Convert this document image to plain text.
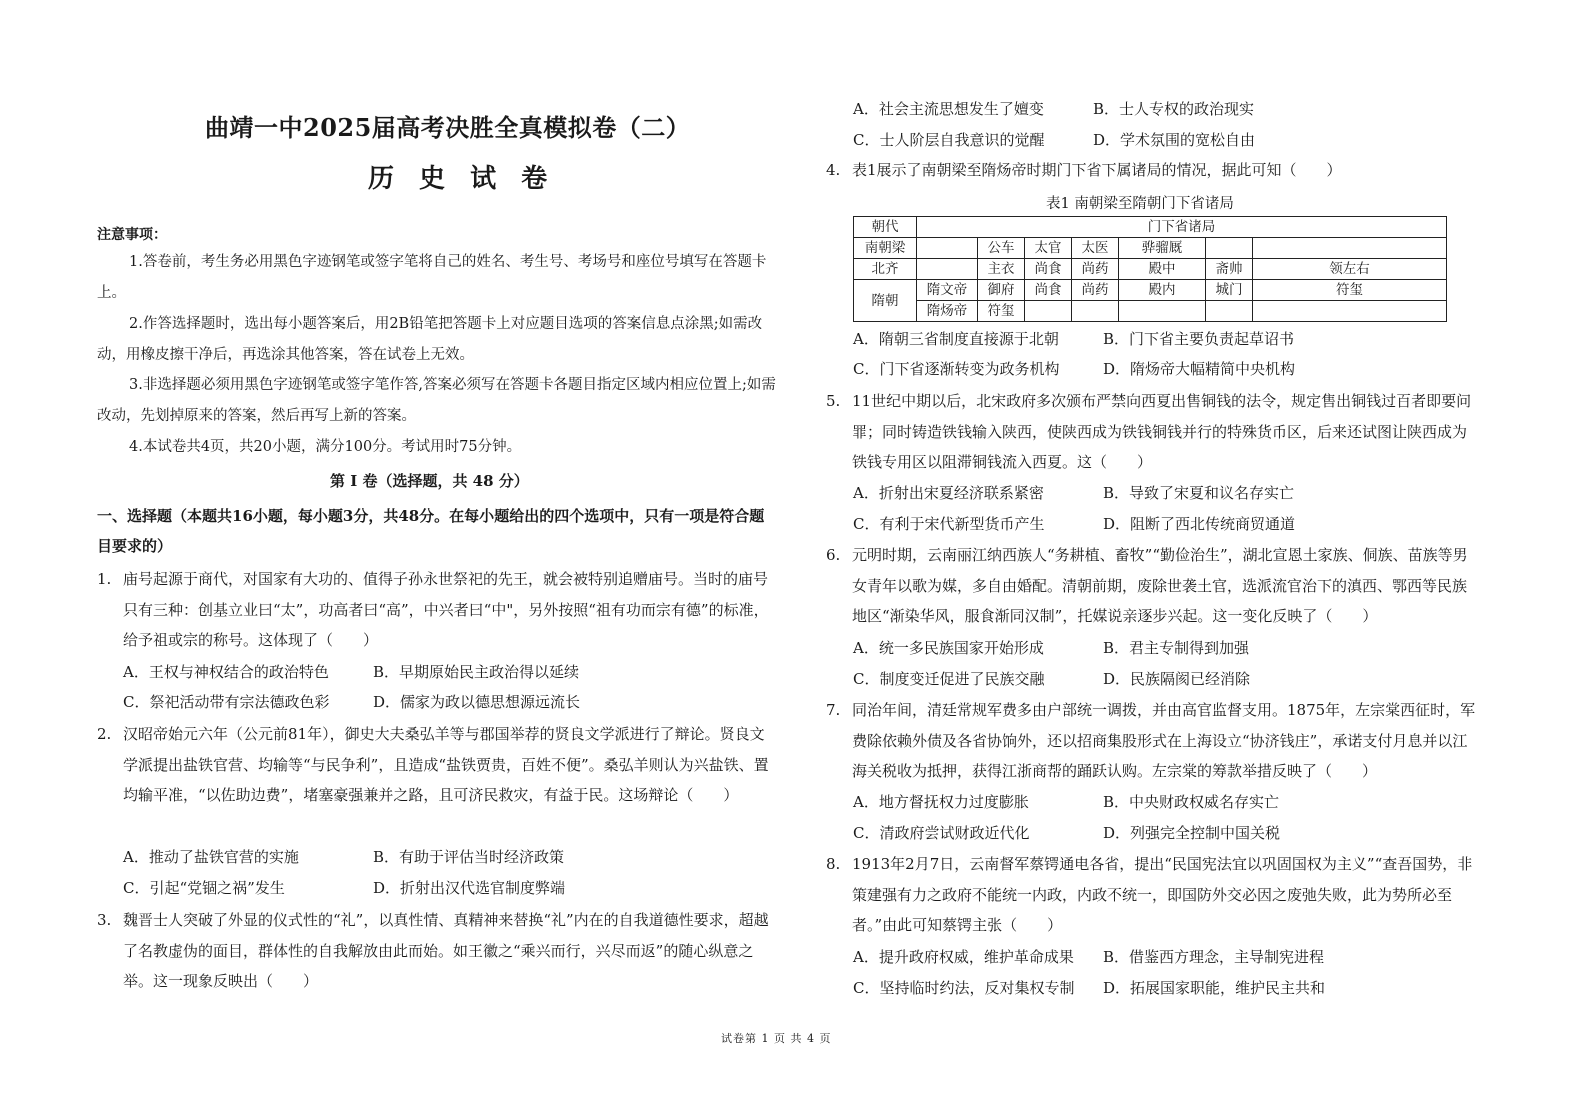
曲靖一中2025届高考决胜全真模拟卷（二）
历 史 试 卷
注意事项：
1.答卷前，考生务必用黑色字迹钢笔或签字笔将自己的姓名、考生号、考场号和座位号填写在答题卡上。
2.作答选择题时，选出每小题答案后，用2B铅笔把答题卡上对应题目选项的答案信息点涂黑;如需改动，用橡皮擦干净后，再选涂其他答案，答在试卷上无效。
3.非选择题必须用黑色字迹钢笔或签字笔作答,答案必须写在答题卡各题目指定区域内相应位置上;如需改动，先划掉原来的答案，然后再写上新的答案。
4.本试卷共4页，共20小题，满分100分。考试用时75分钟。
第 I 卷（选择题，共 48 分）
一、选择题（本题共16小题，每小题3分，共48分。在每小题给出的四个选项中，只有一项是符合题目要求的）
1. 庙号起源于商代，对国家有大功的、值得子孙永世祭祀的先王，就会被特别追赠庙号。当时的庙号只有三种：创基立业曰“太”，功高者曰“高”，中兴者曰“中"，另外按照“祖有功而宗有德”的标准，给予祖或宗的称号。这体现了（　　）
A．王权与神权结合的政治特色	B．早期原始民主政治得以延续
C．祭祀活动带有宗法德政色彩	D．儒家为政以德思想源远流长
2. 汉昭帝始元六年（公元前81年），御史大夫桑弘羊等与郡国举荐的贤良文学派进行了辩论。贤良文学派提出盐铁官营、均输等“与民争利”，且造成“盐铁贾贵，百姓不便”。桑弘羊则认为兴盐铁、置均输平准，“以佐助边费”，堵塞豪强兼并之路，且可济民救灾，有益于民。这场辩论（　　）
A．推动了盐铁官营的实施	B．有助于评估当时经济政策
C．引起“党锢之祸”发生	D．折射出汉代选官制度弊端
3. 魏晋士人突破了外显的仪式性的“礼”，以真性情、真精神来替换“礼”内在的自我道德性要求，超越了名教虚伪的面目，群体性的自我解放由此而始。如王徽之“乘兴而行，兴尽而返”的随心纵意之举。这一现象反映出（　　）
A．社会主流思想发生了嬗变	B．士人专权的政治现实
C．士人阶层自我意识的觉醒	D．学术氛围的宽松自由
4. 表1展示了南朝梁至隋炀帝时期门下省下属诸局的情况，据此可知（　　）
表1 南朝梁至隋朝门下省诸局
朝代	门下省诸局						
南朝梁		公车	太官	太医	骅骝厩		
北齐		主衣	尚食	尚药	殿中	斋帅	领左右
隋朝	隋文帝	御府	尚食	尚药	殿内	城门	符玺
	隋炀帝	符玺					
A．隋朝三省制度直接源于北朝	B．门下省主要负责起草诏书
C．门下省逐渐转变为政务机构	D．隋炀帝大幅精简中央机构
5. 11世纪中期以后，北宋政府多次颁布严禁向西夏出售铜钱的法令，规定售出铜钱过百者即要问罪；同时铸造铁钱输入陕西，使陕西成为铁钱铜钱并行的特殊货币区，后来还试图让陕西成为铁钱专用区以阻滞铜钱流入西夏。这（　　）
A．折射出宋夏经济联系紧密	B．导致了宋夏和议名存实亡
C．有利于宋代新型货币产生	D．阻断了西北传统商贸通道
6. 元明时期，云南丽江纳西族人“务耕植、畜牧”“勤俭治生”，湖北宣恩土家族、侗族、苗族等男女青年以歌为媒，多自由婚配。清朝前期，废除世袭土官，选派流官治下的滇西、鄂西等民族地区“渐染华风，服食渐同汉制”，托媒说亲逐步兴起。这一变化反映了（　　）
A．统一多民族国家开始形成	B．君主专制得到加强
C．制度变迁促进了民族交融	D．民族隔阂已经消除
7. 同治年间，清廷常规军费多由户部统一调拨，并由高官监督支用。1875年，左宗棠西征时，军费除依赖外债及各省协饷外，还以招商集股形式在上海设立“协济钱庄”，承诺支付月息并以江海关税收为抵押，获得江浙商帮的踊跃认购。左宗棠的筹款举措反映了（　　）
A．地方督抚权力过度膨胀	B．中央财政权威名存实亡
C．清政府尝试财政近代化	D．列强完全控制中国关税
8. 1913年2月7日，云南督军蔡锷通电各省，提出“民国宪法宜以巩固国权为主义”“查吾国势，非策建强有力之政府不能统一内政，内政不统一，即国防外交必因之废弛失败，此为势所必至者。”由此可知蔡锷主张（　　）
A．提升政府权威，维护革命成果 B．借鉴西方理念，主导制宪进程
C．坚持临时约法，反对集权专制 D．拓展国家职能，维护民主共和
试卷第 1 页 共 4 页
